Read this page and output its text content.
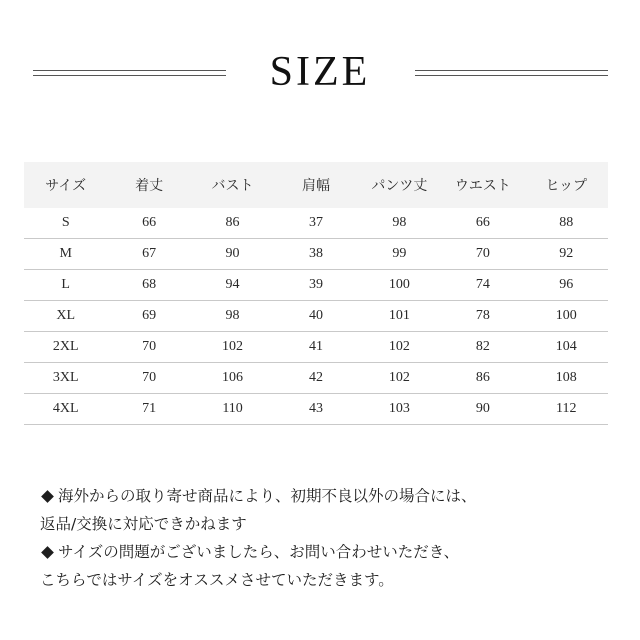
SIZE
サイズ	着丈	バスト	肩幅	パンツ丈	ウエスト	ヒップ
S	66	86	37	98	66	88
M	67	90	38	99	70	92
L	68	94	39	100	74	96
XL	69	98	40	101	78	100
2XL	70	102	41	102	82	104
3XL	70	106	42	102	86	108
4XL	71	110	43	103	90	112

海外からの取り寄せ商品により、初期不良以外の場合には、

返品/交換に対応できかねます

サイズの問題がございましたら、お問い合わせいただき、

こちらではサイズをオススメさせていただきます。
